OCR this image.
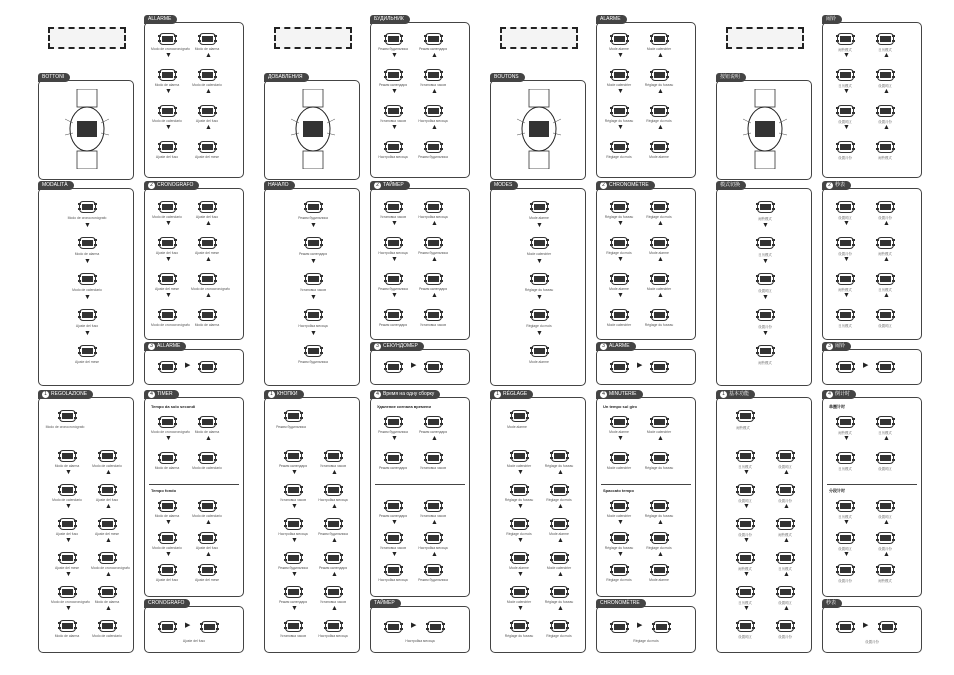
BOTTONI
MODALITÀ
Modo de cronocronógrafo
▼
Modo de alarma
▼
Modo de calendario
▼
Ajuste del fuso
▼
Ajuste del mese
1 REGOLAZIONE
Modo de cronocronógrafo
Modo de alarma	Modo de calendario
▼	▲
Modo de calendario	Ajuste del fuso
▼	▲
Ajuste del fuso	Ajuste del mese
▼	▲
Ajuste del mese	Modo de cronocronógrafo
▼	▲
Modo de cronocronógrafo	Modo de alarma
▼	▲
Modo de alarma	Modo de calendario
ALLARME
Modo de cronocronógrafo	Modo de alarma
▼	▲
Modo de alarma	Modo de calendario
▼	▲
Modo de calendario	Ajuste del fuso
▼	▲
Ajuste del fuso	Ajuste del mese
2 CRONOGRAFO
Modo de calendario	Ajuste del fuso
▼	▲
Ajuste del fuso	Ajuste del mese
▼	▲
Ajuste del mese	Modo de cronocronógrafo
▼	▲
Modo de cronocronógrafo	Modo de alarma
3 ALLARME
▶
4 TIMER
Tempo da solo secondi
Modo de cronocronógrafo	Modo de alarma
▼	▲
Modo de alarma	Modo de calendario
Tempo fondo
Modo de alarma	Modo de calendario
▼	▲
Modo de calendario	Ajuste del fuso
▼	▲
Ajuste del fuso	Ajuste del mese
CRONOGRAFO
▶
Ajuste del fuso

ДОБАВЛЕНИЯ
НАЧАЛО
Режим будильника
▼
Режим календаря
▼
Установка часов
▼
Настройка месяца
▼
Режим будильника
1 КНОПКИ
Режим будильника
Режим календаря	Установка часов
▼	▲
Установка часов	Настройка месяца
▼	▲
Настройка месяца	Режим будильника
▼	▲
Режим будильника	Режим календаря
▼	▲
Режим календаря	Установка часов
▼	▲
Установка часов	Настройка месяца
БУДИЛЬНИК
Режим будильника	Режим календаря
▼	▲
Режим календаря	Установка часов
▼	▲
Установка часов	Настройка месяца
▼	▲
Настройка месяца	Режим будильника
2 ТАЙМЕР
Установка часов	Настройка месяца
▼	▲
Настройка месяца	Режим будильника
▼	▲
Режим будильника	Режим календаря
▼	▲
Режим календаря	Установка часов
3 СЕКУНДОМЕР
▶
4 Время на одну сборку
Удаление сигнала времени
Режим будильника	Режим календаря
▼	▲
Режим календаря	Установка часов
Режим календаря	Установка часов
▼	▲
Установка часов	Настройка месяца
▼	▲
Настройка месяца	Режим будильника
ТАЙМЕР
▶
Настройка месяца

BOUTONS
MODES
Mode alarme
▼
Mode calendrier
▼
Réglage du fuseau
▼
Réglage du mois
▼
Mode alarme
1 RÉGLAGE
Mode alarme
Mode calendrier	Réglage du fuseau
▼	▲
Réglage du fuseau	Réglage du mois
▼	▲
Réglage du mois	Mode alarme
▼	▲
Mode alarme	Mode calendrier
▼	▲
Mode calendrier	Réglage du fuseau
▼	▲
Réglage du fuseau	Réglage du mois
ALARME
Mode alarme	Mode calendrier
▼	▲
Mode calendrier	Réglage du fuseau
▼	▲
Réglage du fuseau	Réglage du mois
▼	▲
Réglage du mois	Mode alarme
2 CHRONOMÈTRE
Réglage du fuseau	Réglage du mois
▼	▲
Réglage du mois	Mode alarme
▼	▲
Mode alarme	Mode calendrier
▼	▲
Mode calendrier	Réglage du fuseau
3 ALARME
▶
4 MINUTERIE
Un tempo sul giro
Mode alarme	Mode calendrier
▼	▲
Mode calendrier	Réglage du fuseau
Spaccato tempo
Mode calendrier	Réglage du fuseau
▼	▲
Réglage du fuseau	Réglage du mois
▼	▲
Réglage du mois	Mode alarme
CHRONOMÈTRE
▶
Réglage du mois

按钮说明
模式切换
闹铃模式
▼
日历模式
▼
设置时区
▼
设置月份
▼
闹铃模式
1 基本功能
闹铃模式
日历模式	设置时区
▼	▲
设置时区	设置月份
▼	▲
设置月份	闹铃模式
▼	▲
闹铃模式	日历模式
▼	▲
日历模式	设置时区
▼	▲
设置时区	设置月份
闹铃
闹铃模式	日历模式
▼	▲
日历模式	设置时区
▼	▲
设置时区	设置月份
▼	▲
设置月份	闹铃模式
2 秒表
设置时区	设置月份
▼	▲
设置月份	闹铃模式
▼	▲
闹铃模式	日历模式
▼	▲
日历模式	设置时区
3 闹铃
▶
4 倒计时
单圈计时
闹铃模式	日历模式
▼	▲
日历模式	设置时区
分段计时
日历模式	设置时区
▼	▲
设置时区	设置月份
▼	▲
设置月份	闹铃模式
秒表
▶
设置月份
